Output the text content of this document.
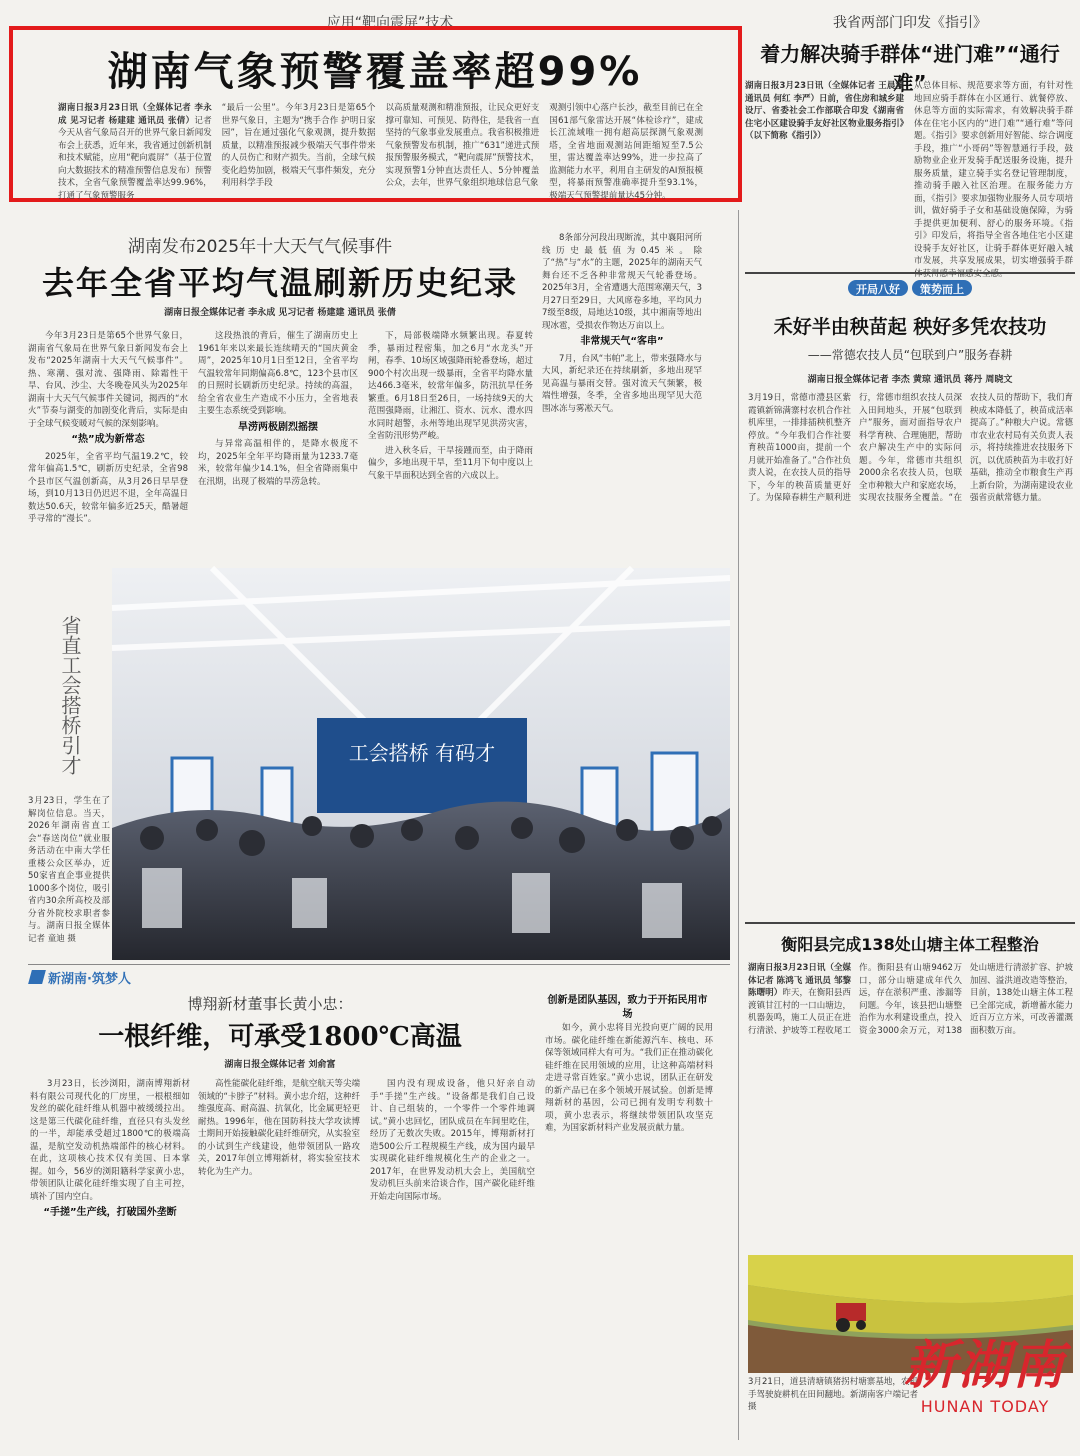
应用“靶向震屏”技术
湖南气象预警覆盖率超99%
湖南日报3月23日讯（全媒体记者 李永成 见习记者 杨建建 通讯员 张倩）记者今天从省气象局召开的世界气象日新闻发布会上获悉，近年来，我省通过创新机制和技术赋能，应用“靶向震屏”（基于位置向大数据技术的精准预警信息发布）预警技术，全省气象预警覆盖率达99.96%，打通了气象预警服务
“最后一公里”。今年3月23日是第65个世界气象日，主题为“携手合作 护明日家园”，旨在通过强化气象观测，提升数据质量，以精准预报减少极端天气事件带来的人员伤亡和财产损失。当前，全球气候变化趋势加剧，极端天气事件频发，充分利用科学手段
以高质量观测和精准预报，让民众更好支撑可靠知、可预见、防得住，是我省一直坚持的气象事业发展重点。我省积极推进气象预警发布机制，推广“631”递进式预报预警服务模式，“靶向震屏”预警技术，实现预警1分钟直达责任人、5分钟覆盖公众，去年，世界气象组织地球信息气象
观测引领中心落户长沙，截至目前已在全国61部气象雷达开展“体检诊疗”，建成长江流域唯一拥有超高层探测气象观测塔，全省地面观测站间距缩短至7.5公里，雷达覆盖率达99%，进一步拉高了监测能力水平，利用自主研发的AI预报模型，将暴雨预警准确率提升至93.1%，极端天气预警提前量达45分钟。
我省两部门印发《指引》
着力解决骑手群体“进门难”“通行难”
湖南日报3月23日讯（全媒体记者 王晨溪 通讯员 何红 李严）日前，省住房和城乡建设厅、省委社会工作部联合印发《湖南省住宅小区建设骑手友好社区物业服务指引》（以下简称《指引》）
从总体目标、规范要求等方面，有针对性地回应骑手群体在小区通行、就餐停放、休息等方面的实际需求，有效解决骑手群体在住宅小区内的“进门难”“通行难”等问题。《指引》要求创新用好智能、综合调度手段，推广“小哥码”等智慧通行手段，鼓励物业企业开发骑手配送服务设施，提升服务质量，建立骑手实名登记管理制度，推动骑手融入社区治理。在服务能力方面，《指引》要求加强物业服务人员专项培训，做好骑手子女和基础设施保障，为骑手提供更加便利、舒心的服务环境。《指引》印发后，将指导全省各地住宅小区建设骑手友好社区，让骑手群体更好融入城市发展，共享发展成果，切实增强骑手群
湖南发布2025年十大天气气候事件
去年全省平均气温刷新历史纪录
湖南日报全媒体记者 李永成 见习记者 杨建建 通讯员 张倩

今年3月23日是第65个世界气象日，湖南省气象局在世界气象日新闻发布会上发布“2025年湖南十大天气气候事件”。热、寒潮、强对流、强降雨、除霜性干旱、台风、沙尘、大冬晚卷风头为2025年湖南十大天气气候事件关键词，揭西的“水火”节奏与湖变的加剧变化背后，实际是由于全球气候变暖对气候的深刻影响。

“热”成为新常态

2025年，全省平均气温19.2℃，较常年偏高1.5℃，刷新历史纪录，全省98个县市区气温创新高，从3月26日早早登场，到10月13日仍迟迟不退，全年高温日数达50.6天，较常年偏多近25天，酷暑超乎寻常的“漫长”。

这段热浪的背后，催生了湖南历史上1961年来以来最长连续晴天的“国庆黄金周”，2025年10月1日至12日，全省平均气温较常年同期偏高6.8℃，123个县市区的日照时长刷新历史纪录。持续的高温，给全省农业生产造成不小压力，全省地表主要生态系统受到影响。

旱涝两极剧烈摇摆

与异常高温相伴的，是降水极度不均，2025年全年平均降雨量为1233.7毫米，较常年偏少14.1%，但全省降雨集中在汛期，出现了极端的旱涝急转。

下，局部极端降水频繁出现。春夏转季，暴雨过程密集，加之6月“水龙头”开闸，春季、10场区域强降雨轮番登场，超过900个村次出现一级暴雨，全省平均降水量达466.3毫米，较常年偏多，防汛抗旱任务繁重。6月18日至26日，一场持续9天的大范围强降雨，让湘江、资水、沅水、澧水四水同时超警，永州等地出现罕见洪涝灾害，全省防汛形势严峻。

进入秋冬后，干旱接踵而至，由于降雨偏少，多地出现干旱，至11月下旬中度以上气象干旱面积达到全省的六成以上。

8条部分河段出现断流，其中襄阳河所线历史最低值为0.45米。除了“热”与“水”的主题，2025年的湖南天气舞台还不乏各种非常规天气轮番登场。2025年3月，全省遭遇大范围寒潮天气，3月27日至29日，大风席卷多地，平均风力7级至8级，局地达10级，其中湘南等地出现冰雹，受损农作物达万亩以上。

非常规天气“客串”

7月，台风“韦帕”北上，带来强降水与大风，新纪录还在持续刷新，多地出现罕见高温与暴雨交替。强对流天气频繁，极端性增强，冬季，全省多地出现罕见大范围冰冻与雾凇天气。

省直工会搭桥引才
3月23日，学生在了解岗位信息。当天，2026年湖南省直工会“春送岗位”就业服务活动在中南大学任重楼公众区举办，近50家省直企事业提供1000多个岗位，吸引省内30余所高校及部分省外院校求职者参与。湖南日报全媒体记者 童迪 摄
工会搭桥 有码才
开局八好	策势而上
禾好半由秧苗起 秧好多凭农技功
——常德农技人员“包联到户”服务春耕
湖南日报全媒体记者 李杰 黄琼 通讯员 蒋丹 周晓文
3月19日，常德市澧县区紫霞镇新锦满寨村农机合作社机库里，一排排插秧机整齐停放。“今年我们合作社要育秧苗1000亩，提前一个月就开始准备了。”合作社负责人说，在农技人员的指导下，今年的秧苗质量更好了。为保障春耕生产顺利进行，常德市组织农技人员深入田间地头，开展“包联到户”服务，面对面指导农户科学育秧、合理施肥，帮助农户解决生产中的实际问题。今年，常德市共组织2000余名农技人员，包联全市种粮大户和家庭农场，实现农技服务全覆盖。“在农技人员的帮助下，我们育秧成本降低了，秧苗成活率提高了。”种粮大户说。常德市农业农村局有关负责人表示，将持续推进农技服务下沉，以优质秧苗为丰收打好基础，推动全市粮食生产再上新台阶，为湖南建设农业强省贡献常德力量。
衡阳县完成138处山塘主体工程整治
湖南日报3月23日讯（全媒体记者 陈鸿飞 通讯员 邹黎 陈曙明）昨天，在衡阳县西渡镇甘江村的一口山塘边，机器轰鸣，施工人员正在进行清淤、护坡等工程收尾工作。衡阳县有山塘9462万口，部分山塘建成年代久远，存在淤积严重、渗漏等问题。今年，该县把山塘整治作为水利建设重点，投入资金3000余万元，对138处山塘进行清淤扩容、护坡加固、溢洪道改造等整治，目前，138处山塘主体工程已全部完成，新增蓄水能力近百万立方米，可改善灌溉面积数万亩。
3月21日，道县清塘镇猪拐村塘寨基地，农机手驾驶旋耕机在田间翻地。新湖南客户端记者 摄
新湖南·筑梦人
博翔新材董事长黄小忠：
一根纤维，可承受1800℃高温
湖南日报全媒体记者 刘俞富

3月23日，长沙浏阳，湖南博翔新材料有限公司现代化的厂房里，一根根细如发丝的碳化硅纤维从机器中被缓缓拉出。这是第三代碳化硅纤维，直径只有头发丝的一半，却能承受超过1800℃的极端高温，是航空发动机热端部件的核心材料。在此，这项核心技术仅有美国、日本掌握。如今，56岁的浏阳籍科学家黄小忠，带领团队让碳化硅纤维实现了自主可控，填补了国内空白。

“手搓”生产线，打破国外垄断

高性能碳化硅纤维，是航空航天等尖端领域的“卡脖子”材料。黄小忠介绍，这种纤维强度高、耐高温、抗氧化，比金属更轻更耐热。1996年，他在国防科技大学攻读博士期间开始接触碳化硅纤维研究，从实验室的小试到生产线建设，他带领团队一路攻关，2017年创立博翔新材，将实验室技术转化为生产力。

国内没有现成设备，他只好亲自动手“手搓”生产线。“设备都是我们自己设计、自己组装的，一个零件一个零件地调试。”黄小忠回忆，团队成员在车间里吃住，经历了无数次失败。2015年，博翔新材打造500公斤工程规模生产线，成为国内最早实现碳化硅纤维规模化生产的企业之一。2017年，在世界发动机大会上，美国航空发动机巨头前来洽谈合作，国产碳化硅纤维开始走向国际市场。

创新是团队基因，致力于开拓民用市场

如今，黄小忠将目光投向更广阔的民用市场。碳化硅纤维在新能源汽车、核电、环保等领域同样大有可为。“我们正在推动碳化硅纤维在民用领域的应用，让这种高端材料走进寻常百姓家。”黄小忠说，团队正在研发的新产品已在多个领域开展试验。创新是博翔新材的基因，公司已拥有发明专利数十项，黄小忠表示，将继续带领团队攻坚克难，为国家新材料产业发展贡献力量。

新湖南
HUNAN TODAY
